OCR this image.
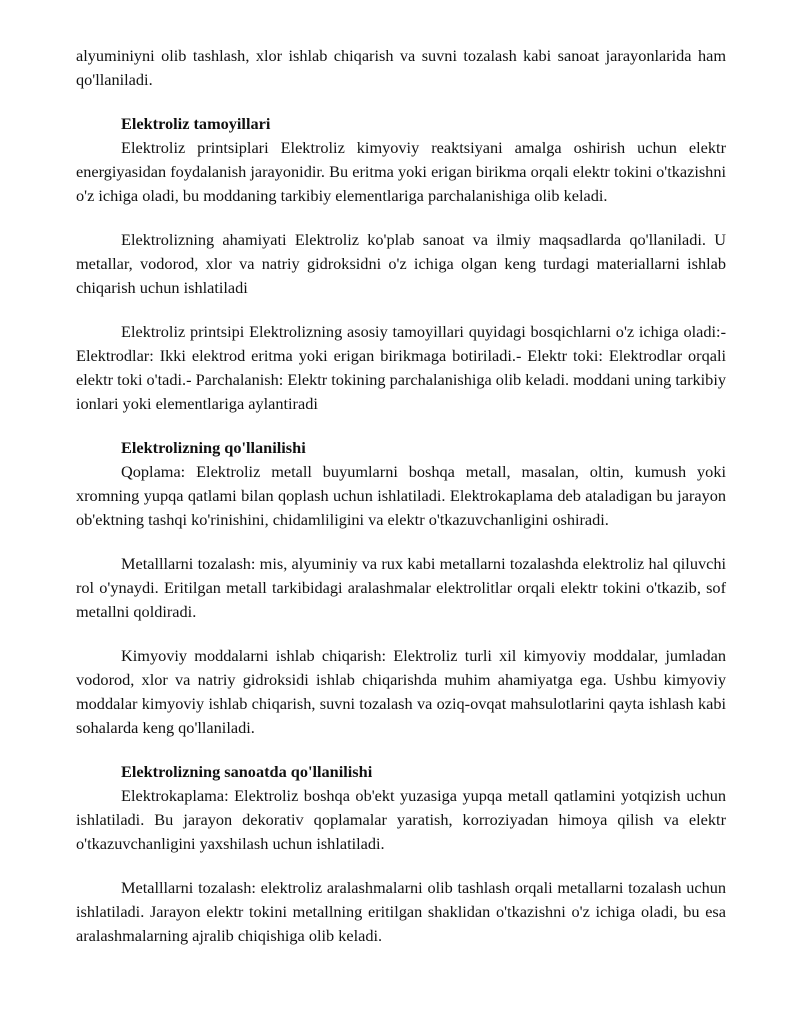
alyuminiyni olib tashlash, xlor ishlab chiqarish va suvni tozalash kabi sanoat jarayonlarida ham qo'llaniladi.

Elektroliz tamoyillari

Elektroliz printsiplari Elektroliz kimyoviy reaktsiyani amalga oshirish uchun elektr energiyasidan foydalanish jarayonidir. Bu eritma yoki erigan birikma orqali elektr tokini o'tkazishni o'z ichiga oladi, bu moddaning tarkibiy elementlariga parchalanishiga olib keladi.

Elektrolizning ahamiyati Elektroliz ko'plab sanoat va ilmiy maqsadlarda qo'llaniladi. U metallar, vodorod, xlor va natriy gidroksidni o'z ichiga olgan keng turdagi materiallarni ishlab chiqarish uchun ishlatiladi

Elektroliz printsipi Elektrolizning asosiy tamoyillari quyidagi bosqichlarni o'z ichiga oladi:- Elektrodlar: Ikki elektrod eritma yoki erigan birikmaga botiriladi.- Elektr toki: Elektrodlar orqali elektr toki o'tadi.- Parchalanish: Elektr tokining parchalanishiga olib keladi. moddani uning tarkibiy ionlari yoki elementlariga aylantiradi

Elektrolizning qo'llanilishi

Qoplama: Elektroliz metall buyumlarni boshqa metall, masalan, oltin, kumush yoki xromning yupqa qatlami bilan qoplash uchun ishlatiladi. Elektrokaplama deb ataladigan bu jarayon ob'ektning tashqi ko'rinishini, chidamliligini va elektr o'tkazuvchanligini oshiradi.

Metalllarni tozalash: mis, alyuminiy va rux kabi metallarni tozalashda elektroliz hal qiluvchi rol o'ynaydi. Eritilgan metall tarkibidagi aralashmalar elektrolitlar orqali elektr tokini o'tkazib, sof metallni qoldiradi.

Kimyoviy moddalarni ishlab chiqarish: Elektroliz turli xil kimyoviy moddalar, jumladan vodorod, xlor va natriy gidroksidi ishlab chiqarishda muhim ahamiyatga ega. Ushbu kimyoviy moddalar kimyoviy ishlab chiqarish, suvni tozalash va oziq-ovqat mahsulotlarini qayta ishlash kabi sohalarda keng qo'llaniladi.

Elektrolizning sanoatda qo'llanilishi

Elektrokaplama: Elektroliz boshqa ob'ekt yuzasiga yupqa metall qatlamini yotqizish uchun ishlatiladi. Bu jarayon dekorativ qoplamalar yaratish, korroziyadan himoya qilish va elektr o'tkazuvchanligini yaxshilash uchun ishlatiladi.

Metalllarni tozalash: elektroliz aralashmalarni olib tashlash orqali metallarni tozalash uchun ishlatiladi. Jarayon elektr tokini metallning eritilgan shaklidan o'tkazishni o'z ichiga oladi, bu esa aralashmalarning ajralib chiqishiga olib keladi.
